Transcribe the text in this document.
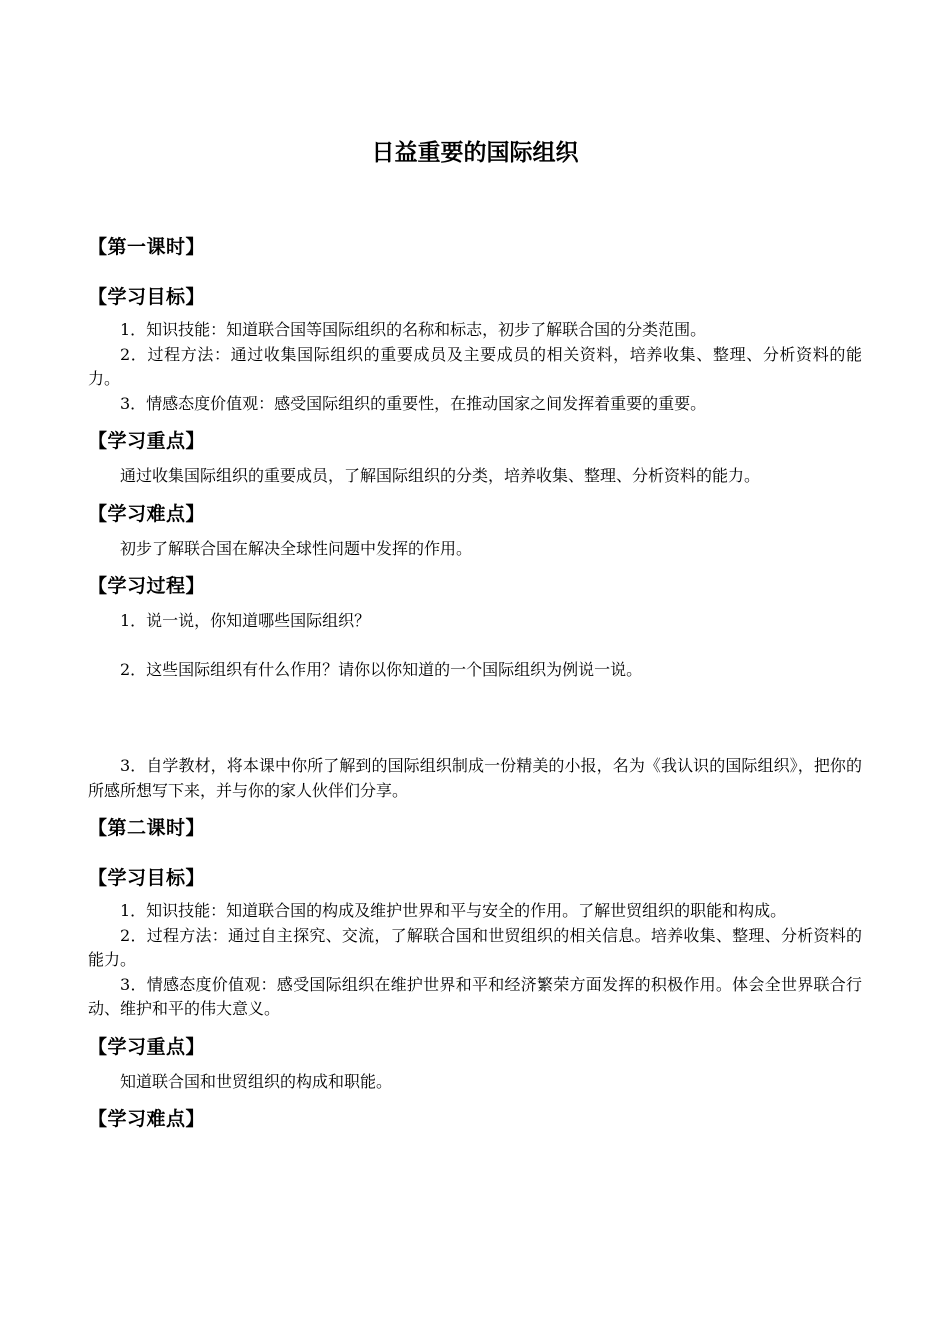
日益重要的国际组织

【第一课时】

【学习目标】

1．知识技能：知道联合国等国际组织的名称和标志，初步了解联合国的分类范围。

2．过程方法：通过收集国际组织的重要成员及主要成员的相关资料，培养收集、整理、分析资料的能力。

3．情感态度价值观：感受国际组织的重要性，在推动国家之间发挥着重要的重要。

【学习重点】

通过收集国际组织的重要成员，了解国际组织的分类，培养收集、整理、分析资料的能力。

【学习难点】

初步了解联合国在解决全球性问题中发挥的作用。

【学习过程】

1．说一说，你知道哪些国际组织？

2．这些国际组织有什么作用？请你以你知道的一个国际组织为例说一说。

3．自学教材，将本课中你所了解到的国际组织制成一份精美的小报，名为《我认识的国际组织》，把你的所感所想写下来，并与你的家人伙伴们分享。

【第二课时】

【学习目标】

1．知识技能：知道联合国的构成及维护世界和平与安全的作用。了解世贸组织的职能和构成。

2．过程方法：通过自主探究、交流，了解联合国和世贸组织的相关信息。培养收集、整理、分析资料的能力。

3．情感态度价值观：感受国际组织在维护世界和平和经济繁荣方面发挥的积极作用。体会全世界联合行动、维护和平的伟大意义。

【学习重点】

知道联合国和世贸组织的构成和职能。

【学习难点】
